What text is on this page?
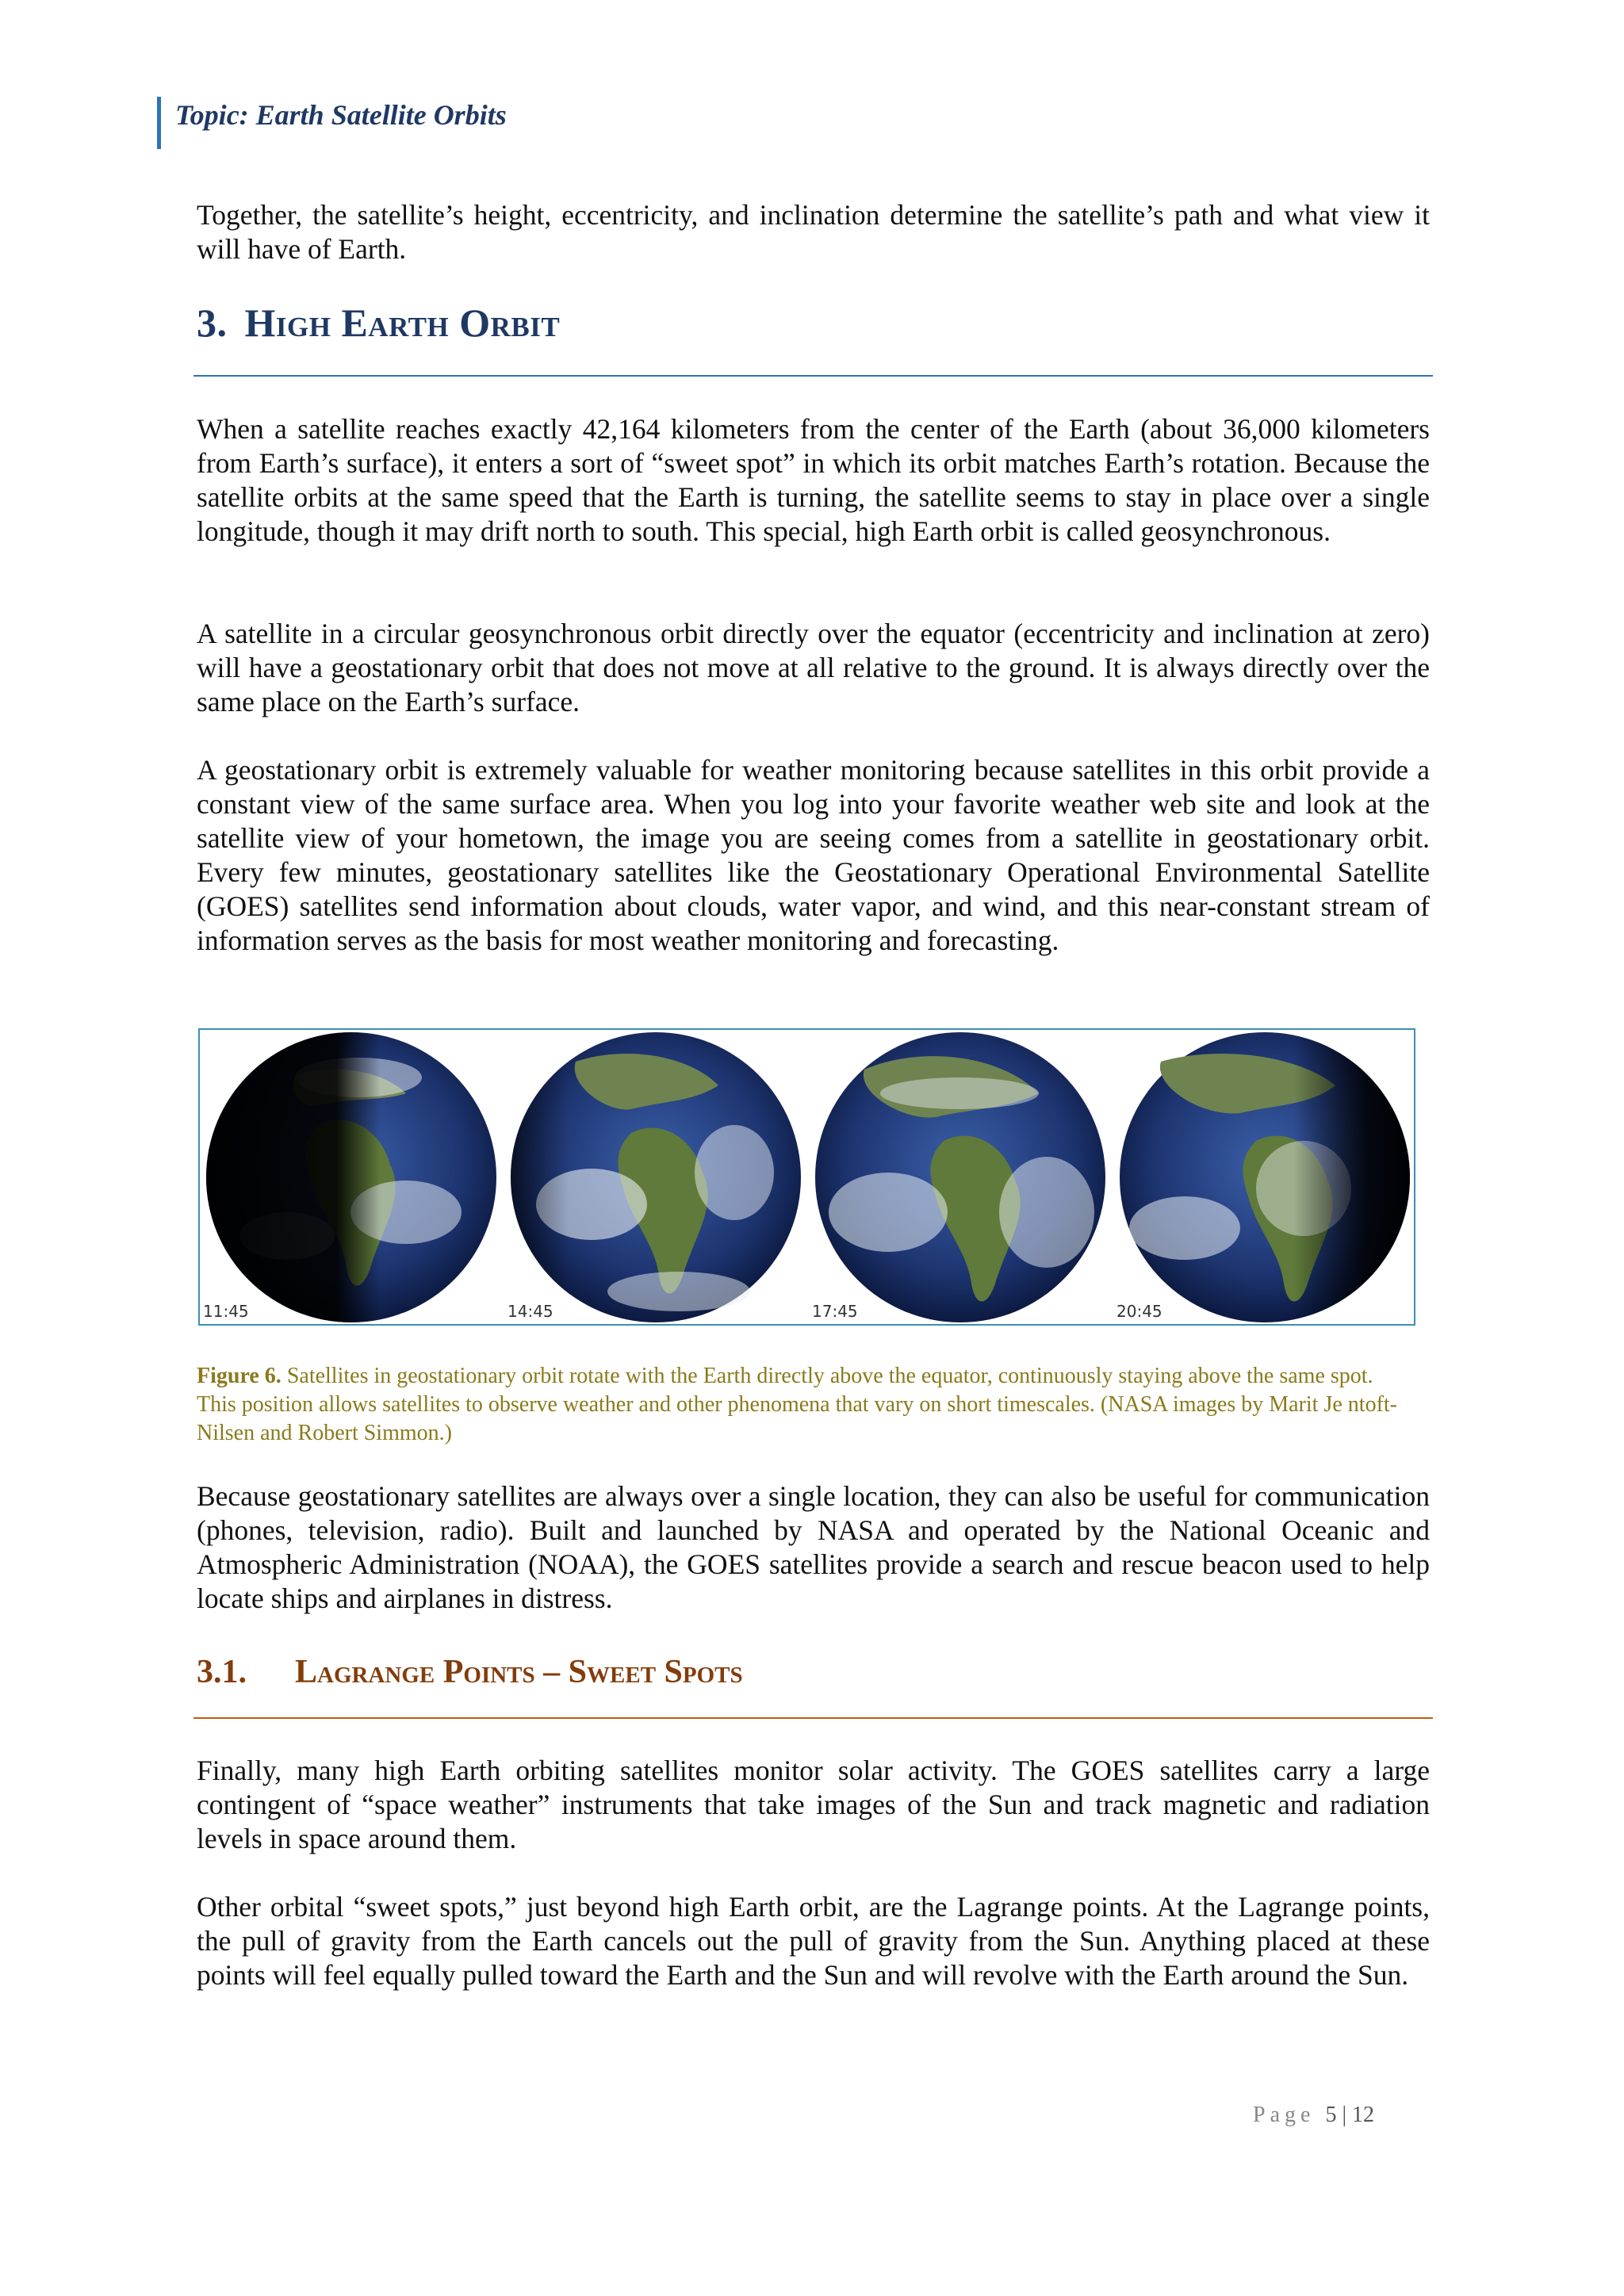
Topic: Earth Satellite Orbits

Together, the satellite’s height, eccentricity, and inclination determine the satellite’s path and what view it will have of Earth.

3. High Earth Orbit

When a satellite reaches exactly 42,164 kilometers from the center of the Earth (about 36,000 kilometers from Earth’s surface), it enters a sort of “sweet spot” in which its orbit matches Earth’s rotation. Because the satellite orbits at the same speed that the Earth is turning, the satellite seems to stay in place over a single longitude, though it may drift north to south. This special, high Earth orbit is called geosynchronous.

A satellite in a circular geosynchronous orbit directly over the equator (eccentricity and inclination at zero) will have a geostationary orbit that does not move at all relative to the ground. It is always directly over the same place on the Earth’s surface.

A geostationary orbit is extremely valuable for weather monitoring because satellites in this orbit provide a constant view of the same surface area. When you log into your favorite weather web site and look at the satellite view of your hometown, the image you are seeing comes from a satellite in geostationary orbit. Every few minutes, geostationary satellites like the Geostationary Operational Environmental Satellite (GOES) satellites send information about clouds, water vapor, and wind, and this near-constant stream of information serves as the basis for most weather monitoring and forecasting.

11:45	14:45	17:45	20:45
Figure 6. Satellites in geostationary orbit rotate with the Earth directly above the equator, continuously staying above the same spot. This position allows satellites to observe weather and other phenomena that vary on short timescales. (NASA images by Marit Je ntoft-Nilsen and Robert Simmon.)

Because geostationary satellites are always over a single location, they can also be useful for communication (phones, television, radio). Built and launched by NASA and operated by the National Oceanic and Atmospheric Administration (NOAA), the GOES satellites provide a search and rescue beacon used to help locate ships and airplanes in distress.

3.1. Lagrange Points – Sweet Spots

Finally, many high Earth orbiting satellites monitor solar activity. The GOES satellites carry a large contingent of “space weather” instruments that take images of the Sun and track magnetic and radiation levels in space around them.

Other orbital “sweet spots,” just beyond high Earth orbit, are the Lagrange points. At the Lagrange points, the pull of gravity from the Earth cancels out the pull of gravity from the Sun. Anything placed at these points will feel equally pulled toward the Earth and the Sun and will revolve with the Earth around the Sun.

Page 5 | 12
